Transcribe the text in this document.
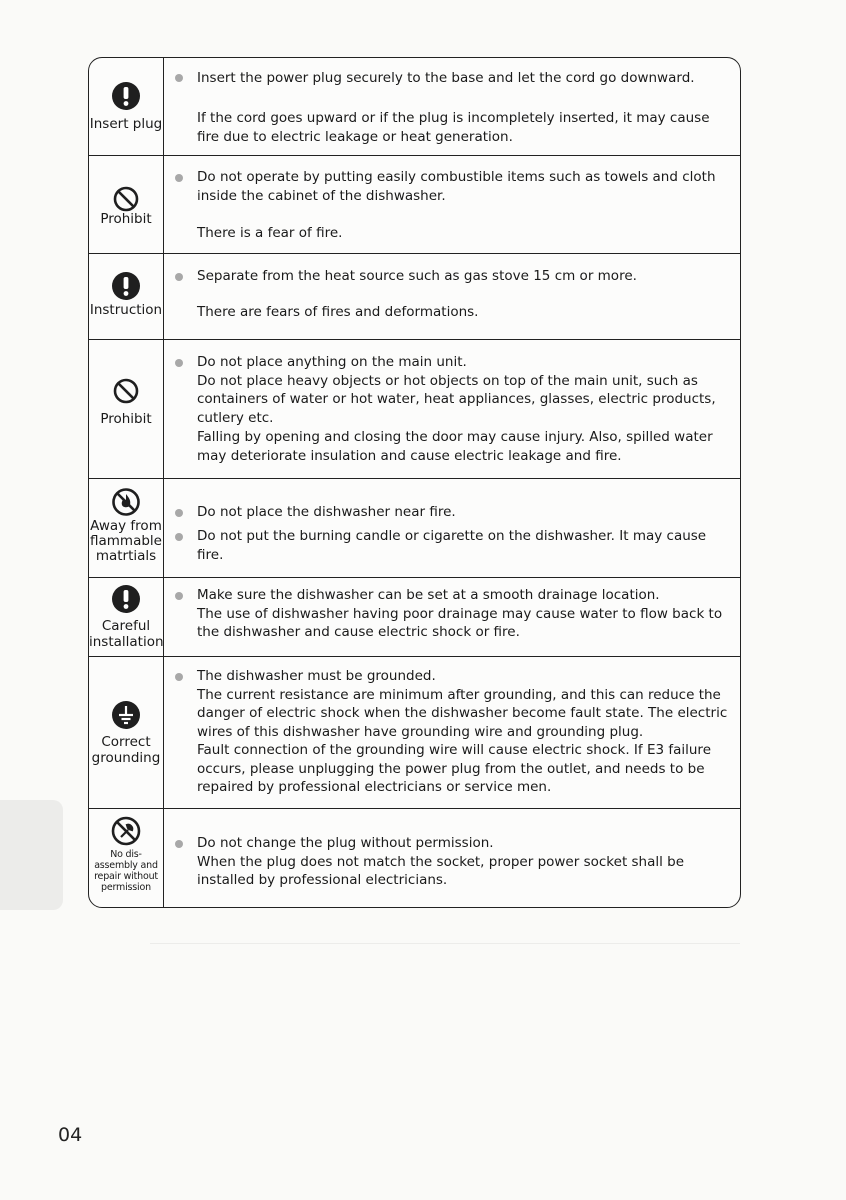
Insert plug
Insert the power plug securely to the base and let the cord go downward.
If the cord goes upward or if the plug is incompletely inserted, it may cause fire due to electric leakage or heat generation.
Prohibit
Do not operate by putting easily combustible items such as towels and cloth inside the cabinet of the dishwasher.
There is a fear of fire.
Instruction
Separate from the heat source such as gas stove 15 cm or more.
There are fears of fires and deformations.
Prohibit
Do not place anything on the main unit.
Do not place heavy objects or hot objects on top of the main unit, such as containers of water or hot water, heat appliances, glasses, electric products, cutlery etc.
Falling by opening and closing the door may cause injury. Also, spilled water may deteriorate insulation and cause electric leakage and fire.
Away from flammable matrtials
Do not place the dishwasher near fire.
Do not put the burning candle or cigarette on the dishwasher. It may cause fire.
Careful installation
Make sure the dishwasher can be set at a smooth drainage location.
The use of dishwasher having poor drainage may cause water to flow back to the dishwasher and cause electric shock or fire.
Correct grounding
The dishwasher must be grounded.
The current resistance are minimum after grounding, and this can reduce the danger of electric shock when the dishwasher become fault state. The electric wires of this dishwasher have grounding wire and grounding plug.
Fault connection of the grounding wire will cause electric shock. If E3 failure occurs, please unplugging the power plug from the outlet, and needs to be repaired by professional electricians or service men.
No dis-assembly and repair without permission
Do not change the plug without permission.
When the plug does not match the socket, proper power socket shall be installed by professional electricians.
04
